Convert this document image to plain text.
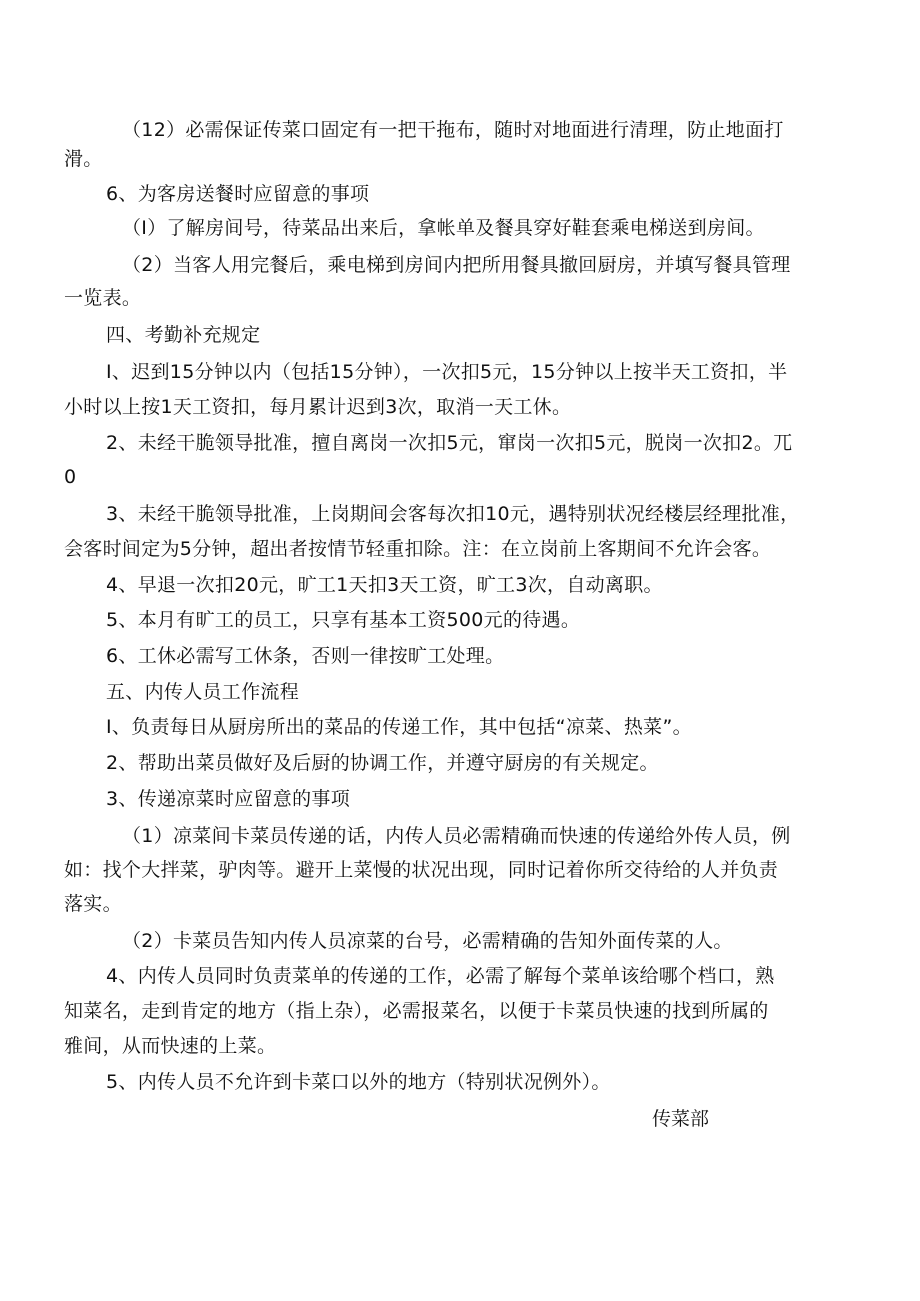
（12）必需保证传菜口固定有一把干拖布，随时对地面进行清理，防止地面打
滑。
6、为客房送餐时应留意的事项
（I）了解房间号，待菜品出来后，拿帐单及餐具穿好鞋套乘电梯送到房间。
（2）当客人用完餐后，乘电梯到房间内把所用餐具撤回厨房，并填写餐具管理
一览表。
四、考勤补充规定
I、迟到15分钟以内（包括15分钟），一次扣5元，15分钟以上按半天工资扣，半
小时以上按1天工资扣，每月累计迟到3次，取消一天工休。
2、未经干脆领导批准，擅自离岗一次扣5元，窜岗一次扣5元，脱岗一次扣2。兀
0
3、未经干脆领导批准，上岗期间会客每次扣10元，遇特别状况经楼层经理批准，
会客时间定为5分钟，超出者按情节轻重扣除。注：在立岗前上客期间不允许会客。
4、早退一次扣20元，旷工1天扣3天工资，旷工3次，自动离职。
5、本月有旷工的员工，只享有基本工资500元的待遇。
6、工休必需写工休条，否则一律按旷工处理。
五、内传人员工作流程
I、负责每日从厨房所出的菜品的传递工作，其中包括“凉菜、热菜”。
2、帮助出菜员做好及后厨的协调工作，并遵守厨房的有关规定。
3、传递凉菜时应留意的事项
（1）凉菜间卡菜员传递的话，内传人员必需精确而快速的传递给外传人员，例
如：找个大拌菜，驴肉等。避开上菜慢的状况出现，同时记着你所交待给的人并负责
落实。
（2）卡菜员告知内传人员凉菜的台号，必需精确的告知外面传菜的人。
4、内传人员同时负责菜单的传递的工作，必需了解每个菜单该给哪个档口，熟
知菜名，走到肯定的地方（指上杂），必需报菜名，以便于卡菜员快速的找到所属的
雅间，从而快速的上菜。
5、内传人员不允许到卡菜口以外的地方（特别状况例外）。
传菜部
